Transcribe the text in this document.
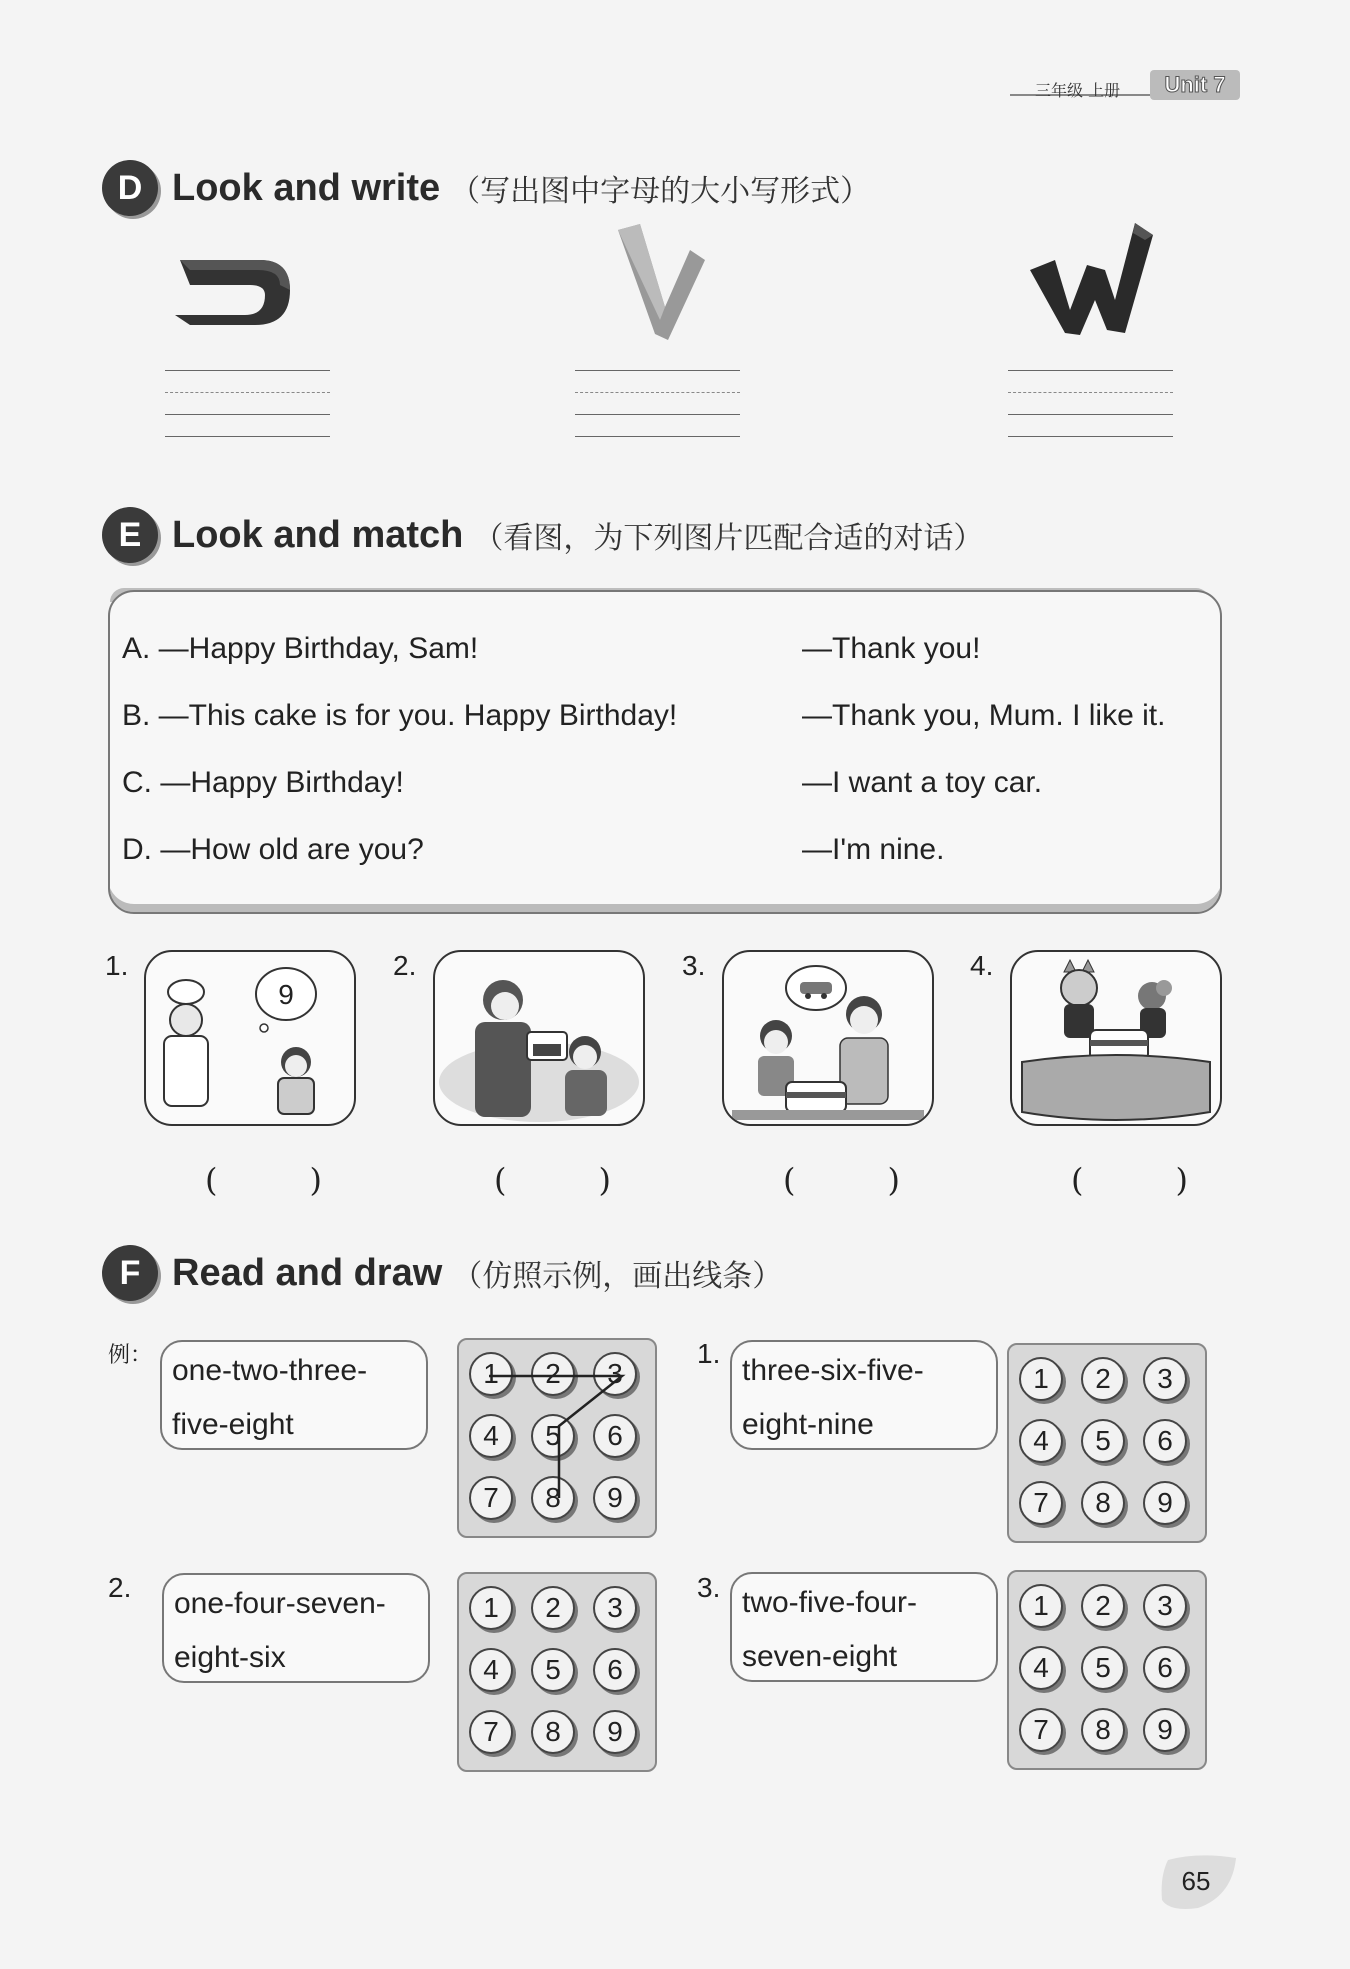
三年级 上册	Unit 7
D Look and write （写出图中字母的大小写形式）
E Look and match （看图，为下列图片匹配合适的对话）
A. —Happy Birthday, Sam!	—Thank you!
B. —This cake is for you. Happy Birthday!	—Thank you, Mum. I like it.
C. —Happy Birthday!	—I want a toy car.
D. —How old are you?	—I'm nine.
1.
9
(　)
2.
(　)
3.
(　)
4.
(　)
F Read and draw （仿照示例，画出线条）
例： one-two-three-
five-eight
1	2	3
4	5	6
7	8	9
1.
three-six-five-
eight-nine
1	2	3
4	5	6
7	8	9
2. one-four-seven-
eight-six
1	2	3
4	5	6
7	8	9
3. two-five-four-
seven-eight
1	2	3
4	5	6
7	8	9
65
